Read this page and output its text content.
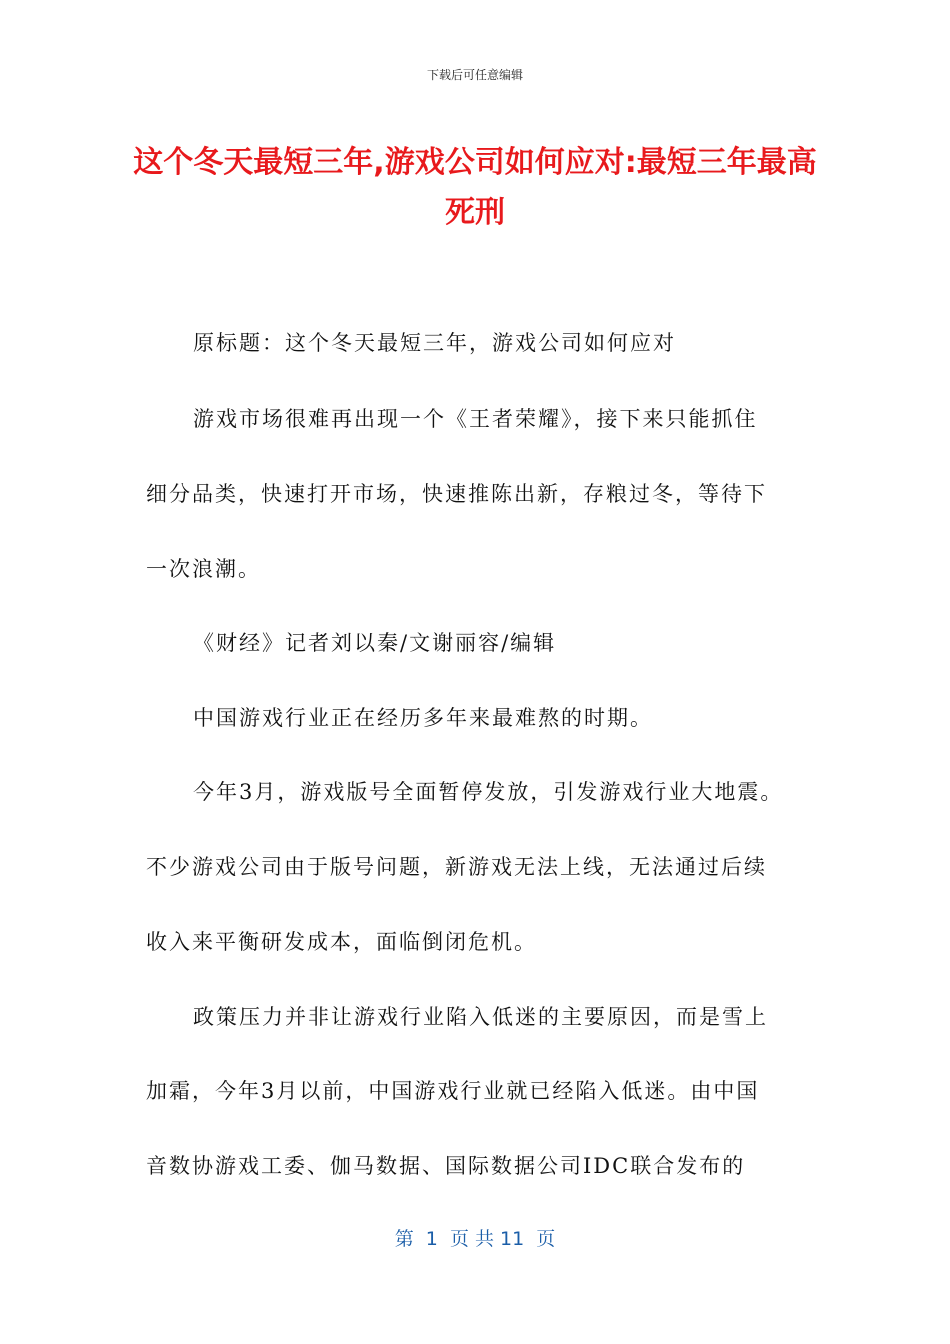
下载后可任意编辑
这个冬天最短三年,游戏公司如何应对:最短三年最高死刑
原标题：这个冬天最短三年，游戏公司如何应对
游戏市场很难再出现一个《王者荣耀》，接下来只能抓住
细分品类，快速打开市场，快速推陈出新，存粮过冬，等待下
一次浪潮。
《财经》记者刘以秦/文谢丽容/编辑
中国游戏行业正在经历多年来最难熬的时期。
今年3月，游戏版号全面暂停发放，引发游戏行业大地震。
不少游戏公司由于版号问题，新游戏无法上线，无法通过后续
收入来平衡研发成本，面临倒闭危机。
政策压力并非让游戏行业陷入低迷的主要原因，而是雪上
加霜，今年3月以前，中国游戏行业就已经陷入低迷。由中国
音数协游戏工委、伽马数据、国际数据公司IDC联合发布的
第  1  页 共 11  页
